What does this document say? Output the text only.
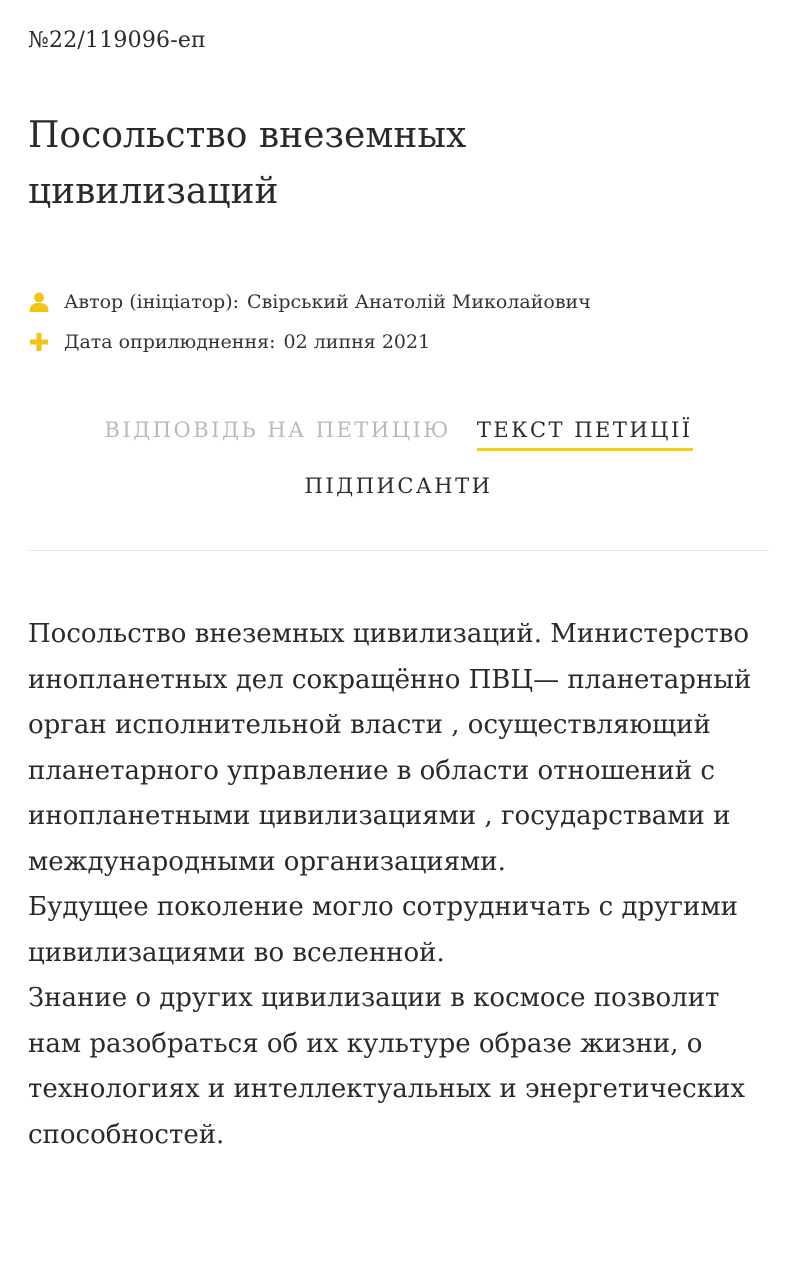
№22/119096-еп
Посольство внеземных цивилизаций
Автор (ініціатор): Свірський Анатолій Миколайович
Дата оприлюднення: 02 липня 2021
ВІДПОВІДЬ НА ПЕТИЦІЮ ТЕКСТ ПЕТИЦІЇ
ПІДПИСАНТИ

Посольство внеземных цивилизаций. Министерство инопланетных дел сокращённо ПВЦ— планетарный орган исполнительной власти , осуществляющий планетарного управление в области отношений с инопланетными цивилизациями , государствами и международными организациями.

Будущее поколение могло сотрудничать с другими цивилизациями во вселенной.

Знание о других цивилизации в космосе позволит нам разобраться об их культуре образе жизни, о технологиях и интеллектуальных и энергетических способностей.
